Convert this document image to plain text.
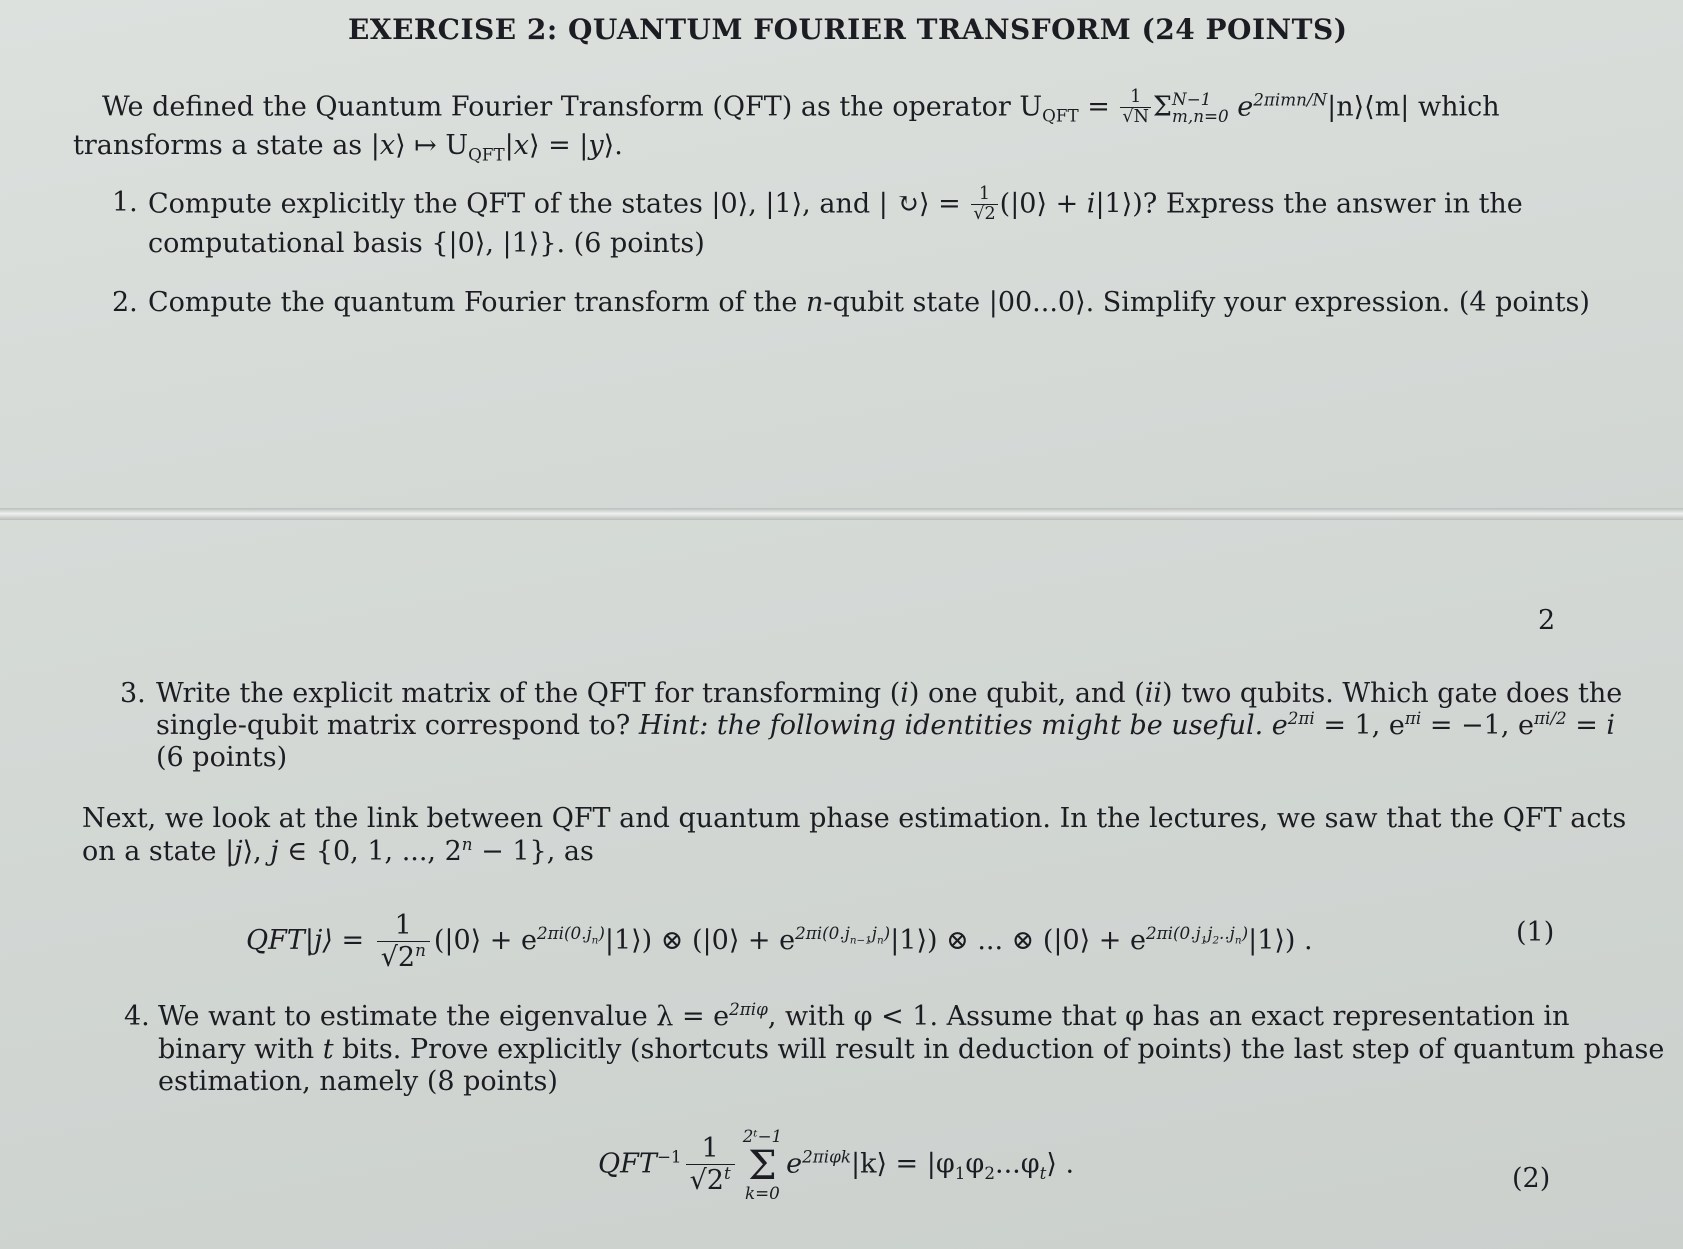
EXERCISE 2: QUANTUM FOURIER TRANSFORM (24 POINTS)
We defined the Quantum Fourier Transform (QFT) as the operator $U_{QFT} = \frac{1}{√N}$ Σ N−1
m,n=0 $e^{2\pi imn/N}|n⟩⟨m|$ which
transforms a state as |x⟩ ↦ $U_{QFT}|x⟩$ = |y⟩.
1. Compute explicitly the QFT of the states |0⟩, |1⟩, and | ↻⟩ = $\frac{1}{√2}$ (|0⟩ + i|1⟩)? Express the answer in the
computational basis {|0⟩, |1⟩}. (6 points)
2. Compute the quantum Fourier transform of the n-qubit state |00...0⟩. Simplify your expression. (4 points)
2
3. Write the explicit matrix of the QFT for transforming (i) one qubit, and (ii) two qubits. Which gate does the
single-qubit matrix correspond to? Hint: the following identities might be useful. $e^{2\pi i} = 1$, $e^{\pi i} = -1$, $e^{\pi i/2} = i$
(6 points)
Next, we look at the link between QFT and quantum phase estimation. In the lectures, we saw that the QFT acts
on a state |j⟩, j ∈ {0, 1, ..., $2^n - 1$}, as
QFT|j⟩ = $\frac{1}{√2^n}$ (|0⟩ + $e^{2\pi i(0.j_n)}|1⟩$) ⊗ (|0⟩ + $e^{2\pi i(0.j_{n-1}j_n)}|1⟩$) ⊗ ... ⊗ (|0⟩ + $e^{2\pi i(0.j_1j_2..j_n)}|1⟩$) .	(1)
4. We want to estimate the eigenvalue $\lambda = e^{2\pi i\varphi}$, with φ < 1. Assume that φ has an exact representation in
binary with t bits. Prove explicitly (shortcuts will result in deduction of points) the last step of quantum phase
estimation, namely (8 points)
$QFT^{-1} \frac{1}{√2^t}$ 2ᵗ−1
Σ
k=0
$e^{2\pi i\varphi k}|k⟩$ = $|\varphi_1\varphi_2...\varphi_t⟩$ .	(2)
